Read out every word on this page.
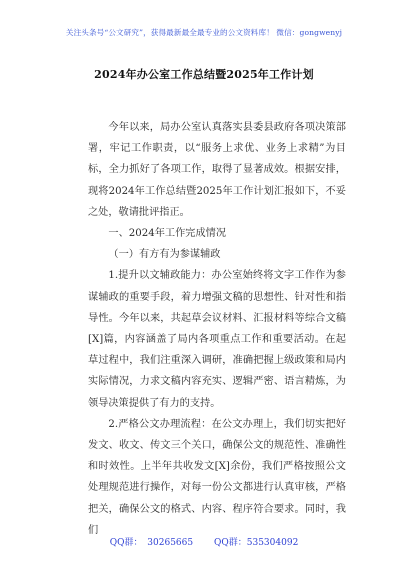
关注头条号“公文研究”，获得最新最全最专业的公文资料库！ 微信：gongwenyj
2024年办公室工作总结暨2025年工作计划

今年以来，局办公室认真落实县委县政府各项决策部署，牢记工作职责，以“服务上求优、业务上求精”为目标，全力抓好了各项工作，取得了显著成效。根据安排，现将2024年工作总结暨2025年工作计划汇报如下，不妥之处，敬请批评指正。

一、2024年工作完成情况

（一）有方有为参谋辅政

1.提升以文辅政能力：办公室始终将文字工作作为参谋辅政的重要手段，着力增强文稿的思想性、针对性和指导性。今年以来，共起草会议材料、汇报材料等综合文稿[X]篇，内容涵盖了局内各项重点工作和重要活动。在起草过程中，我们注重深入调研，准确把握上级政策和局内实际情况，力求文稿内容充实、逻辑严密、语言精炼，为领导决策提供了有力的支持。

2.严格公文办理流程：在公文办理上，我们切实把好发文、收文、传文三个关口，确保公文的规范性、准确性和时效性。上半年共收发文[X]余份，我们严格按照公文处理规范进行操作，对每一份公文都进行认真审核，严格把关，确保公文的格式、内容、程序符合要求。同时，我们

QQ群： 30265665 QQ群：535304092
